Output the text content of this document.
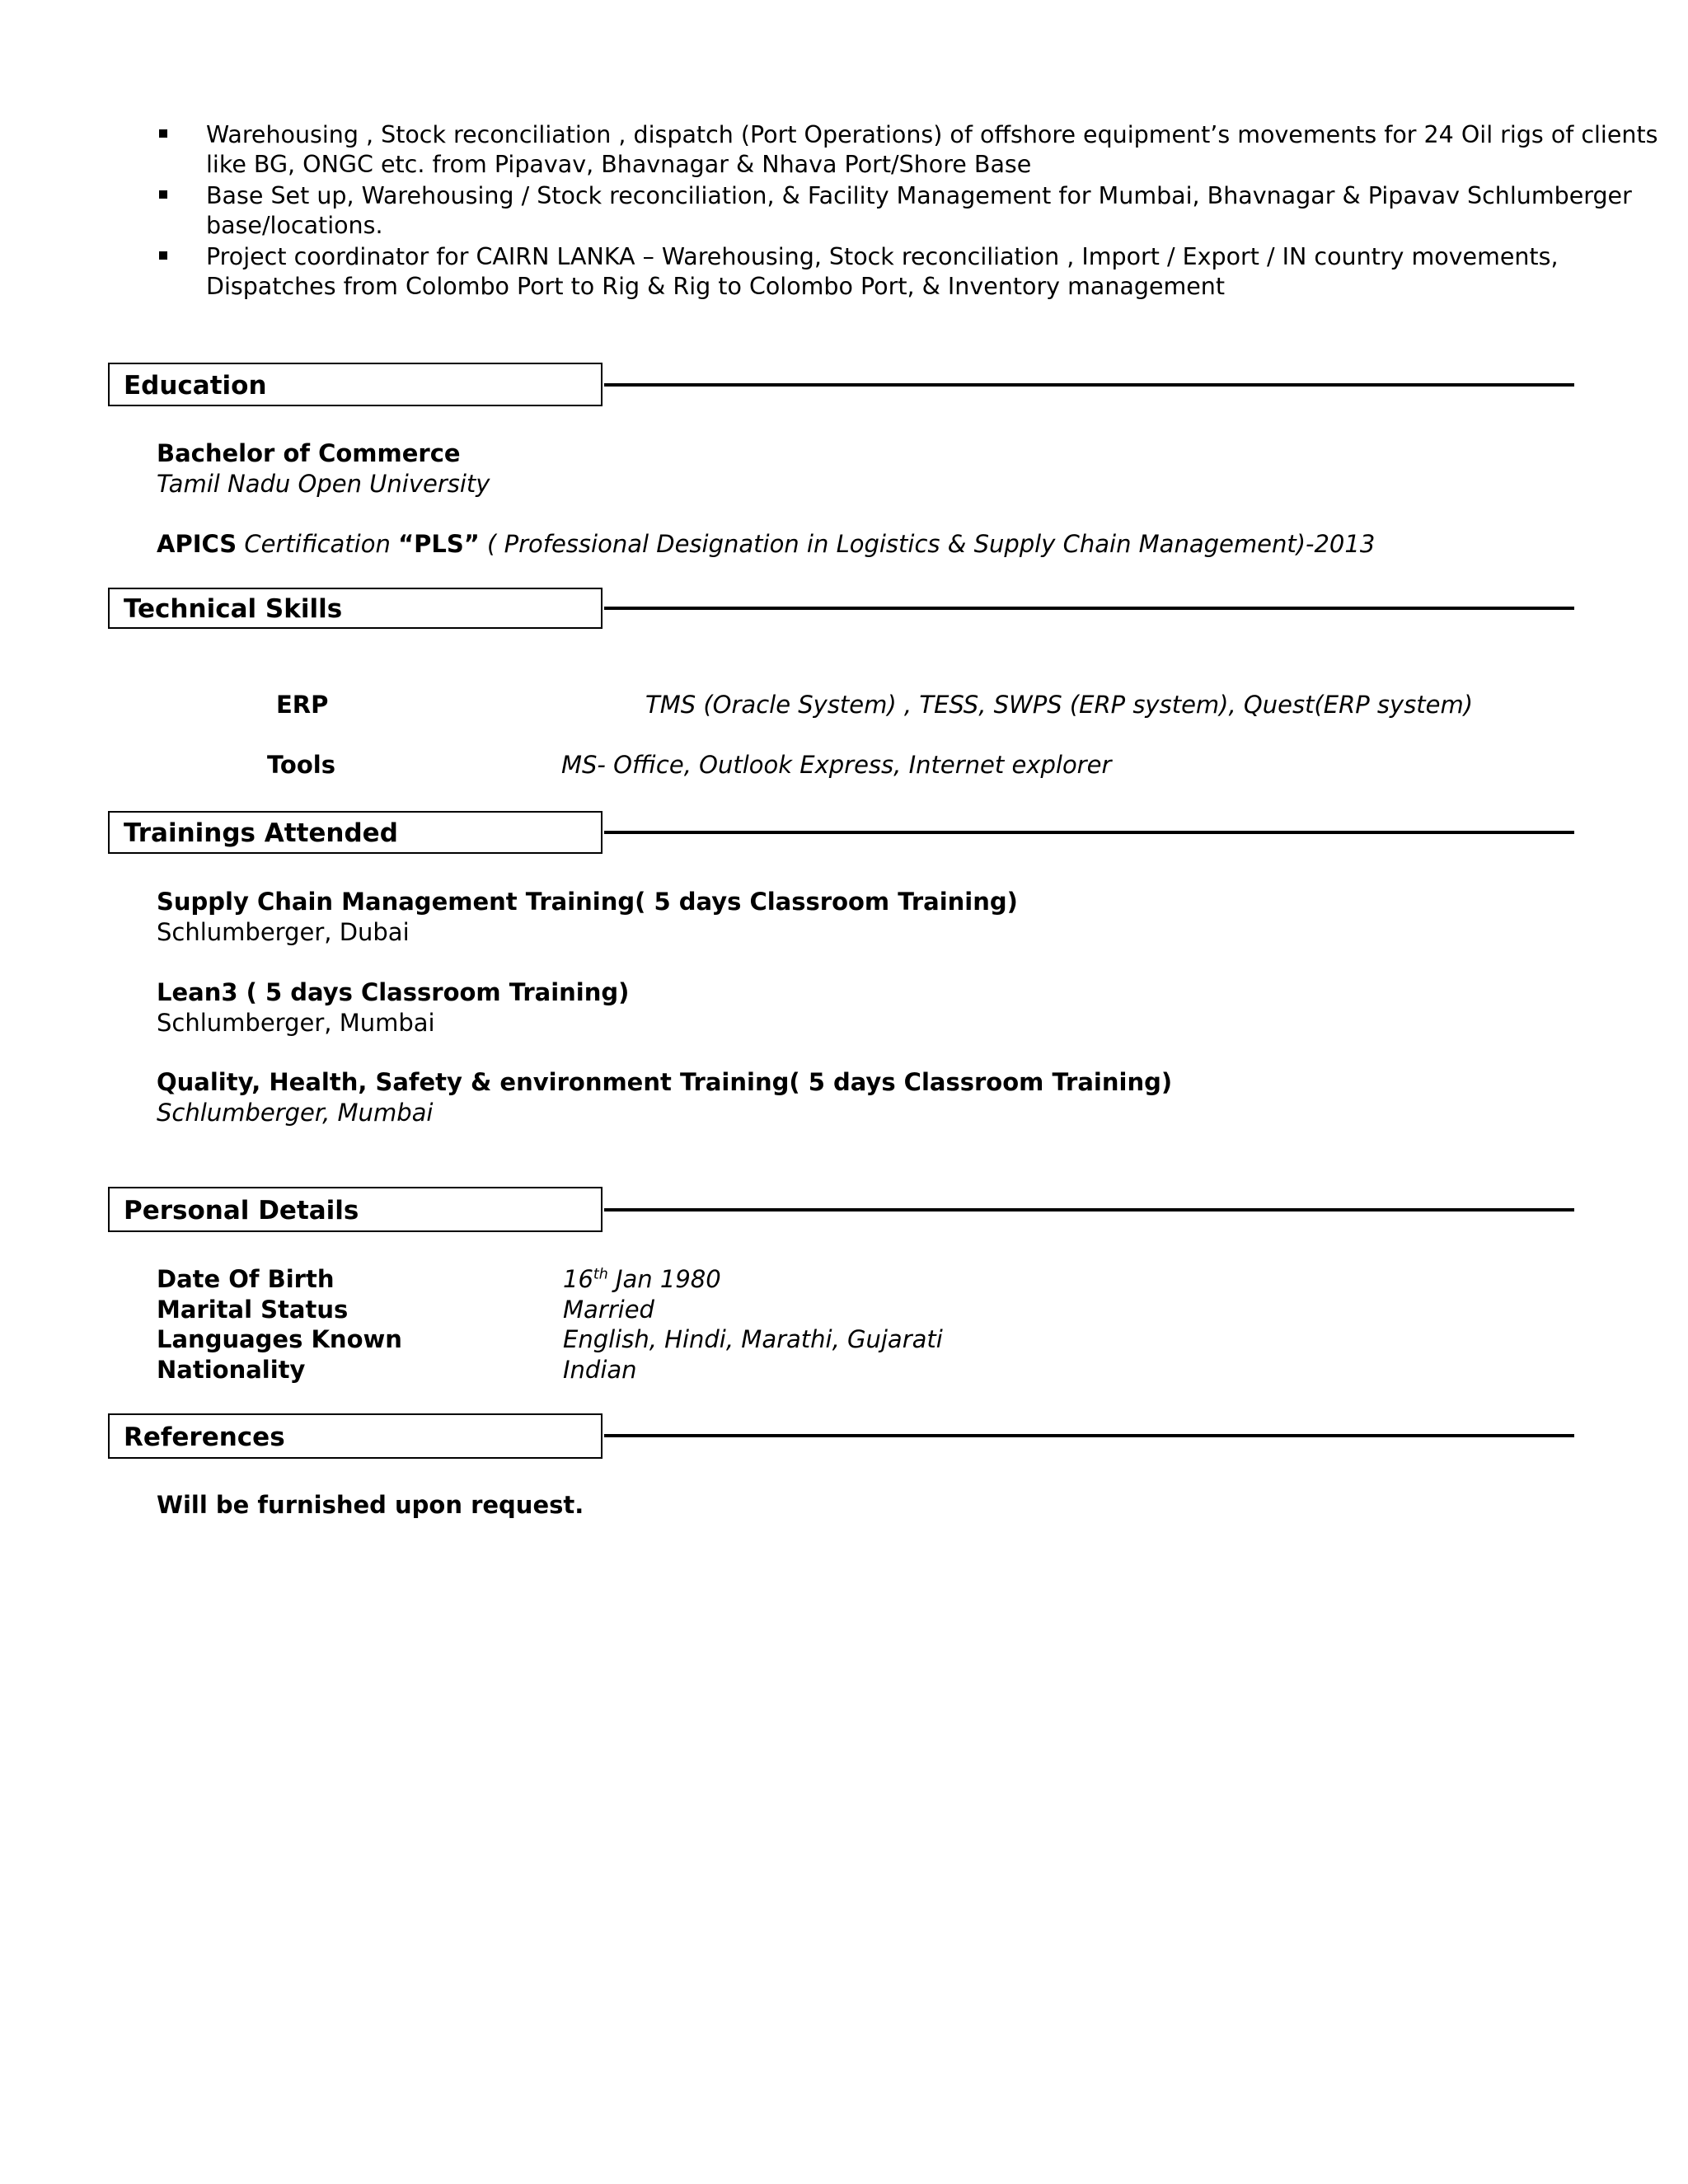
Warehousing , Stock reconciliation , dispatch (Port Operations) of offshore equipment’s movements for 24 Oil rigs of clients
like BG, ONGC etc. from Pipavav, Bhavnagar & Nhava Port/Shore Base
Base Set up, Warehousing / Stock reconciliation, & Facility Management for Mumbai, Bhavnagar & Pipavav Schlumberger
base/locations.
Project coordinator for CAIRN LANKA – Warehousing, Stock reconciliation , Import / Export / IN country movements,
Dispatches from Colombo Port to Rig & Rig to Colombo Port, & Inventory management
Education
Bachelor of Commerce
Tamil Nadu Open University
APICS Certification “PLS” ( Professional Designation in Logistics & Supply Chain Management)-2013
Technical Skills
ERP	TMS (Oracle System) , TESS, SWPS (ERP system), Quest(ERP system)
Tools	MS- Office, Outlook Express, Internet explorer
Trainings Attended
Supply Chain Management Training( 5 days Classroom Training)
Schlumberger, Dubai
Lean3 ( 5 days Classroom Training)
Schlumberger, Mumbai
Quality, Health, Safety & environment Training( 5 days Classroom Training)
Schlumberger, Mumbai
Personal Details
Date Of Birth	16th Jan 1980
Marital Status	Married
Languages Known	English, Hindi, Marathi, Gujarati
Nationality	Indian
References
Will be furnished upon request.
